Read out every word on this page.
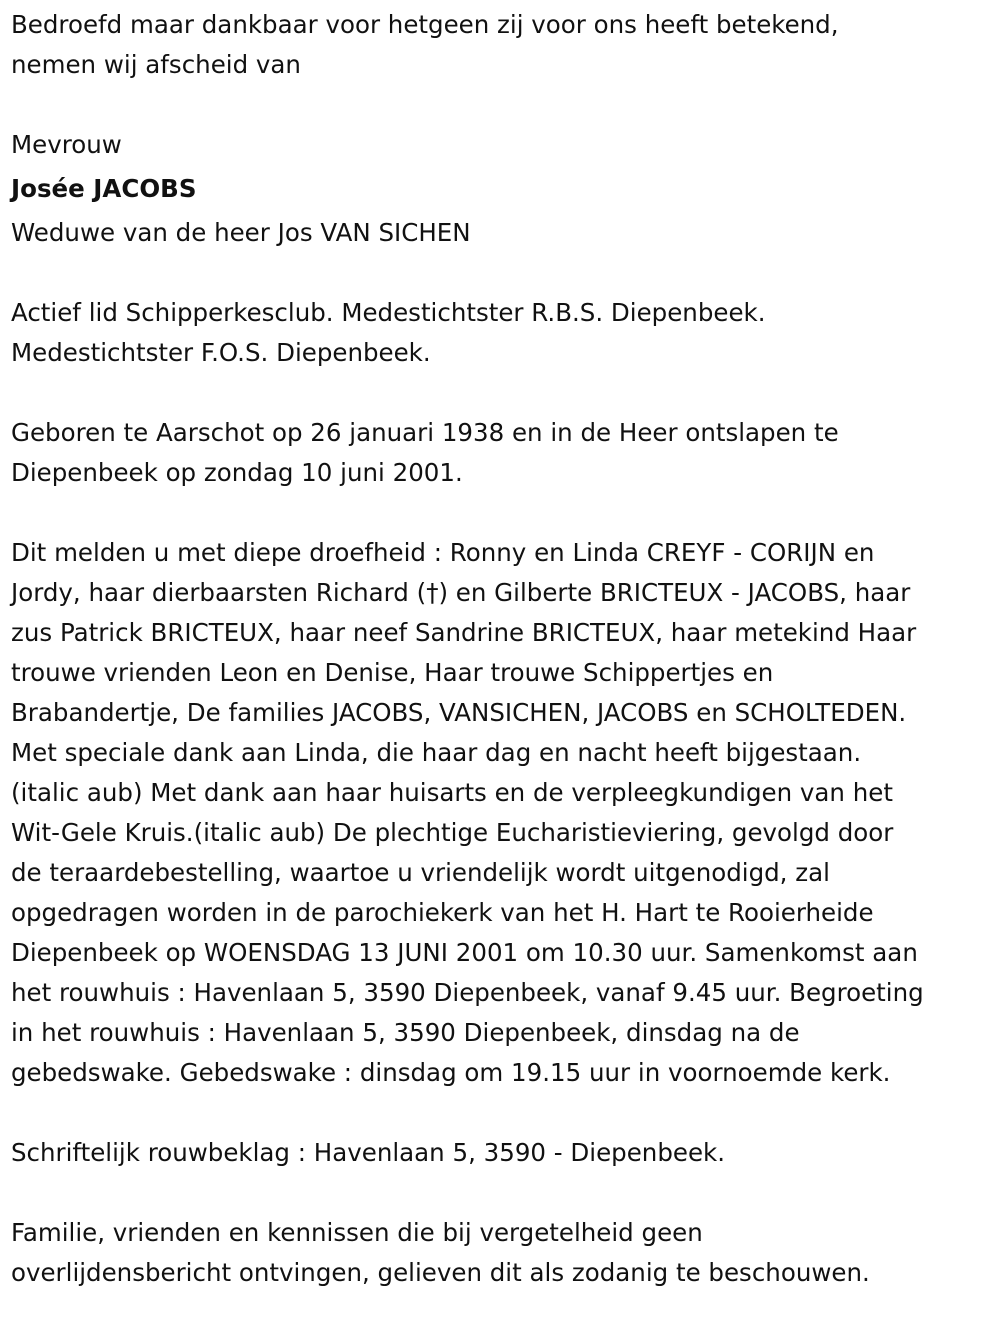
Bedroefd maar dankbaar voor hetgeen zij voor ons heeft betekend,
nemen wij afscheid van

Mevrouw

Josée JACOBS

Weduwe van de heer Jos VAN SICHEN

Actief lid Schipperkesclub. Medestichtster R.B.S. Diepenbeek.
Medestichtster F.O.S. Diepenbeek.

Geboren te Aarschot op 26 januari 1938 en in de Heer ontslapen te
Diepenbeek op zondag 10 juni 2001.

Dit melden u met diepe droefheid : Ronny en Linda CREYF - CORIJN en
Jordy, haar dierbaarsten Richard (†) en Gilberte BRICTEUX - JACOBS, haar
zus Patrick BRICTEUX, haar neef Sandrine BRICTEUX, haar metekind Haar
trouwe vrienden Leon en Denise, Haar trouwe Schippertjes en
Brabandertje, De families JACOBS, VANSICHEN, JACOBS en SCHOLTEDEN.
Met speciale dank aan Linda, die haar dag en nacht heeft bijgestaan.
(italic aub) Met dank aan haar huisarts en de verpleegkundigen van het
Wit-Gele Kruis.(italic aub) De plechtige Eucharistieviering, gevolgd door
de teraardebestelling, waartoe u vriendelijk wordt uitgenodigd, zal
opgedragen worden in de parochiekerk van het H. Hart te Rooierheide
Diepenbeek op WOENSDAG 13 JUNI 2001 om 10.30 uur. Samenkomst aan
het rouwhuis : Havenlaan 5, 3590 Diepenbeek, vanaf 9.45 uur. Begroeting
in het rouwhuis : Havenlaan 5, 3590 Diepenbeek, dinsdag na de
gebedswake. Gebedswake : dinsdag om 19.15 uur in voornoemde kerk.

Schriftelijk rouwbeklag : Havenlaan 5, 3590 - Diepenbeek.

Familie, vrienden en kennissen die bij vergetelheid geen
overlijdensbericht ontvingen, gelieven dit als zodanig te beschouwen.
